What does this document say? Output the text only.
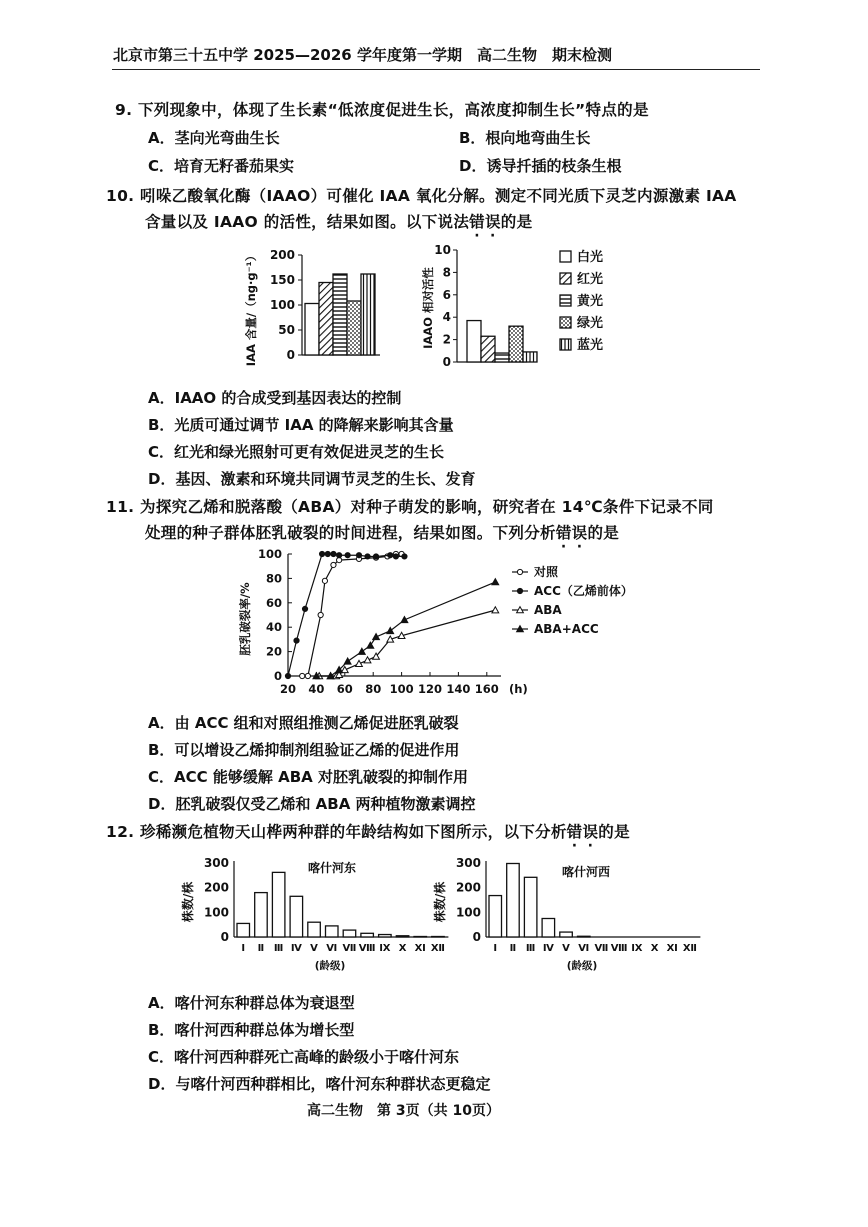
北京市第三十五中学 2025—2026 学年度第一学期　高二生物　期末检测
9. 下列现象中，体现了生长素“低浓度促进生长，高浓度抑制生长”特点的是
A．茎向光弯曲生长	B．根向地弯曲生长
C．培育无籽番茄果实	D．诱导扦插的枝条生根
10. 吲哚乙酸氧化酶（IAAO）可催化 IAA 氧化分解。测定不同光质下灵芝内源激素 IAA
含量以及 IAAO 的活性，结果如图。以下说法错误的是
0
50
100
150
200
IAA 含量/（ng·g⁻¹）	0
2
4
6
8
10	白光
红光
黄光
绿光
蓝光
IAAO 相对活性
A．IAAO 的合成受到基因表达的控制
B．光质可通过调节 IAA 的降解来影响其含量
C．红光和绿光照射可更有效促进灵芝的生长
D．基因、激素和环境共同调节灵芝的生长、发育
11. 为探究乙烯和脱落酸（ABA）对种子萌发的影响，研究者在 14℃条件下记录不同
处理的种子群体胚乳破裂的时间进程，结果如图。下列分析错误的是
0
20
40
60
80
100
20 40 60 80 100 120 140 160 (h)
对照
ACC（乙烯前体）
ABA
ABA+ACC
胚乳破裂率/%
A．由 ACC 组和对照组推测乙烯促进胚乳破裂
B．可以增设乙烯抑制剂组验证乙烯的促进作用
C．ACC 能够缓解 ABA 对胚乳破裂的抑制作用
D．胚乳破裂仅受乙烯和 ABA 两种植物激素调控
12. 珍稀濒危植物天山桦两种群的年龄结构如下图所示，以下分析错误的是
0
100
200
300
Ⅰ Ⅱ Ⅲ Ⅳ Ⅴ Ⅵ Ⅶ Ⅷ Ⅸ Ⅹ Ⅺ Ⅻ
喀什河东
株数/株
(龄级)
0
100
200
300
Ⅰ Ⅱ Ⅲ Ⅳ Ⅴ Ⅵ Ⅶ Ⅷ Ⅸ Ⅹ Ⅺ Ⅻ
喀什河西
株数/株
(龄级)
A．喀什河东种群总体为衰退型
B．喀什河西种群总体为增长型
C．喀什河西种群死亡高峰的龄级小于喀什河东
D．与喀什河西种群相比，喀什河东种群状态更稳定
高二生物　第 3页（共 10页）
